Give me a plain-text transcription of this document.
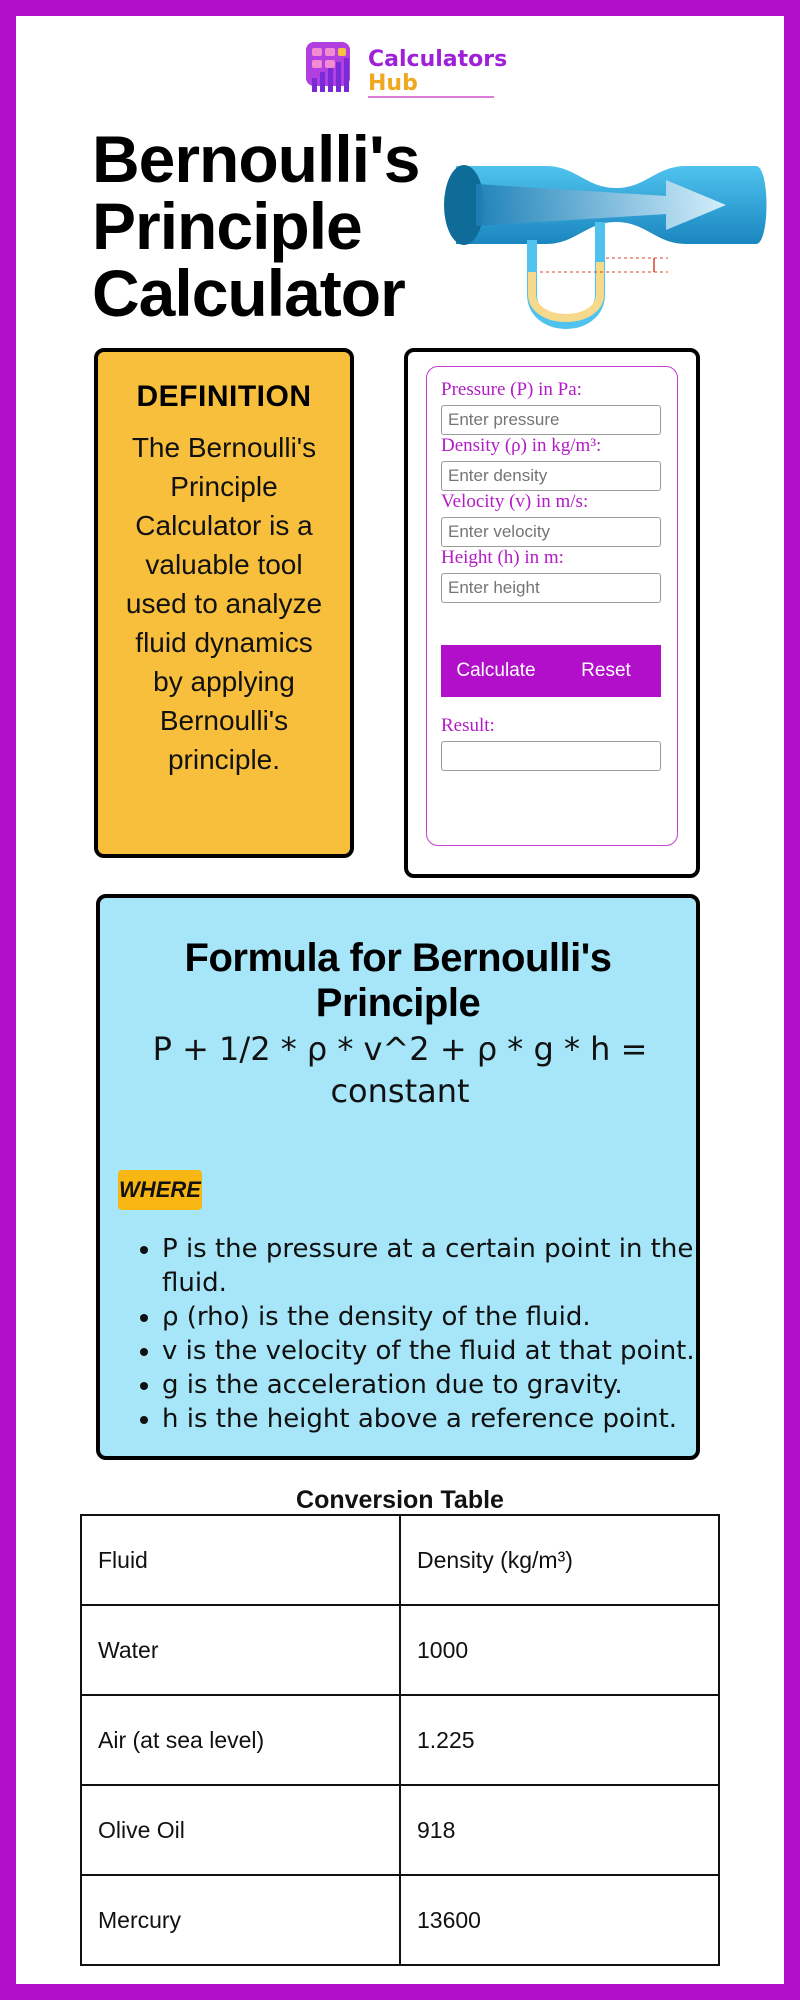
Calculators
Hub
Bernoulli's Principle Calculator
DEFINITION
The Bernoulli's Principle Calculator is a valuable tool used to analyze fluid dynamics by applying Bernoulli's principle.
Pressure (P) in Pa:
Enter pressure
Density (ρ) in kg/m³:
Enter density
Velocity (v) in m/s:
Enter velocity
Height (h) in m:
Enter height
Calculate	Reset
Result:
Formula for Bernoulli's Principle
P + 1/2 * ρ * v^2 + ρ * g * h = constant
WHERE
• P is the pressure at a certain point in the fluid.
• ρ (rho) is the density of the fluid.
• v is the velocity of the fluid at that point.
• g is the acceleration due to gravity.
• h is the height above a reference point.
Conversion Table
Fluid	Density (kg/m³)
Water	1000
Air (at sea level)	1.225
Olive Oil	918
Mercury	13600
